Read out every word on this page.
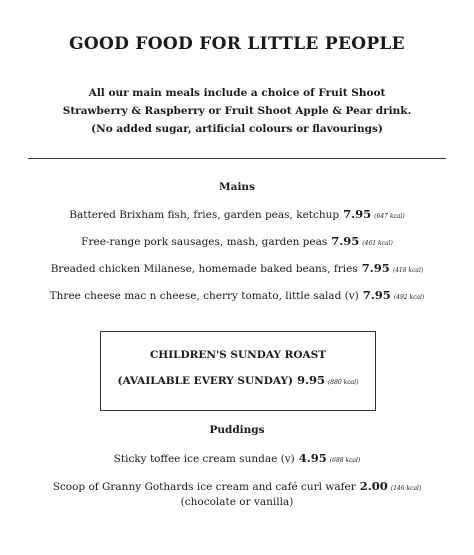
GOOD FOOD FOR LITTLE PEOPLE
All our main meals include a choice of Fruit Shoot
Strawberry & Raspberry or Fruit Shoot Apple & Pear drink.
(No added sugar, artificial colours or flavourings)
Mains
Battered Brixham fish, fries, garden peas, ketchup 7.95 (647 kcal)
Free-range pork sausages, mash, garden peas 7.95 (461 kcal)
Breaded chicken Milanese, homemade baked beans, fries 7.95 (418 kcal)
Three cheese mac n cheese, cherry tomato, little salad (v) 7.95 (492 kcal)
CHILDREN'S SUNDAY ROAST
(AVAILABLE EVERY SUNDAY) 9.95 (880 kcal)
Puddings
Sticky toffee ice cream sundae (v) 4.95 (688 kcal)
Scoop of Granny Gothards ice cream and café curl wafer 2.00 (146 kcal)
(chocolate or vanilla)
